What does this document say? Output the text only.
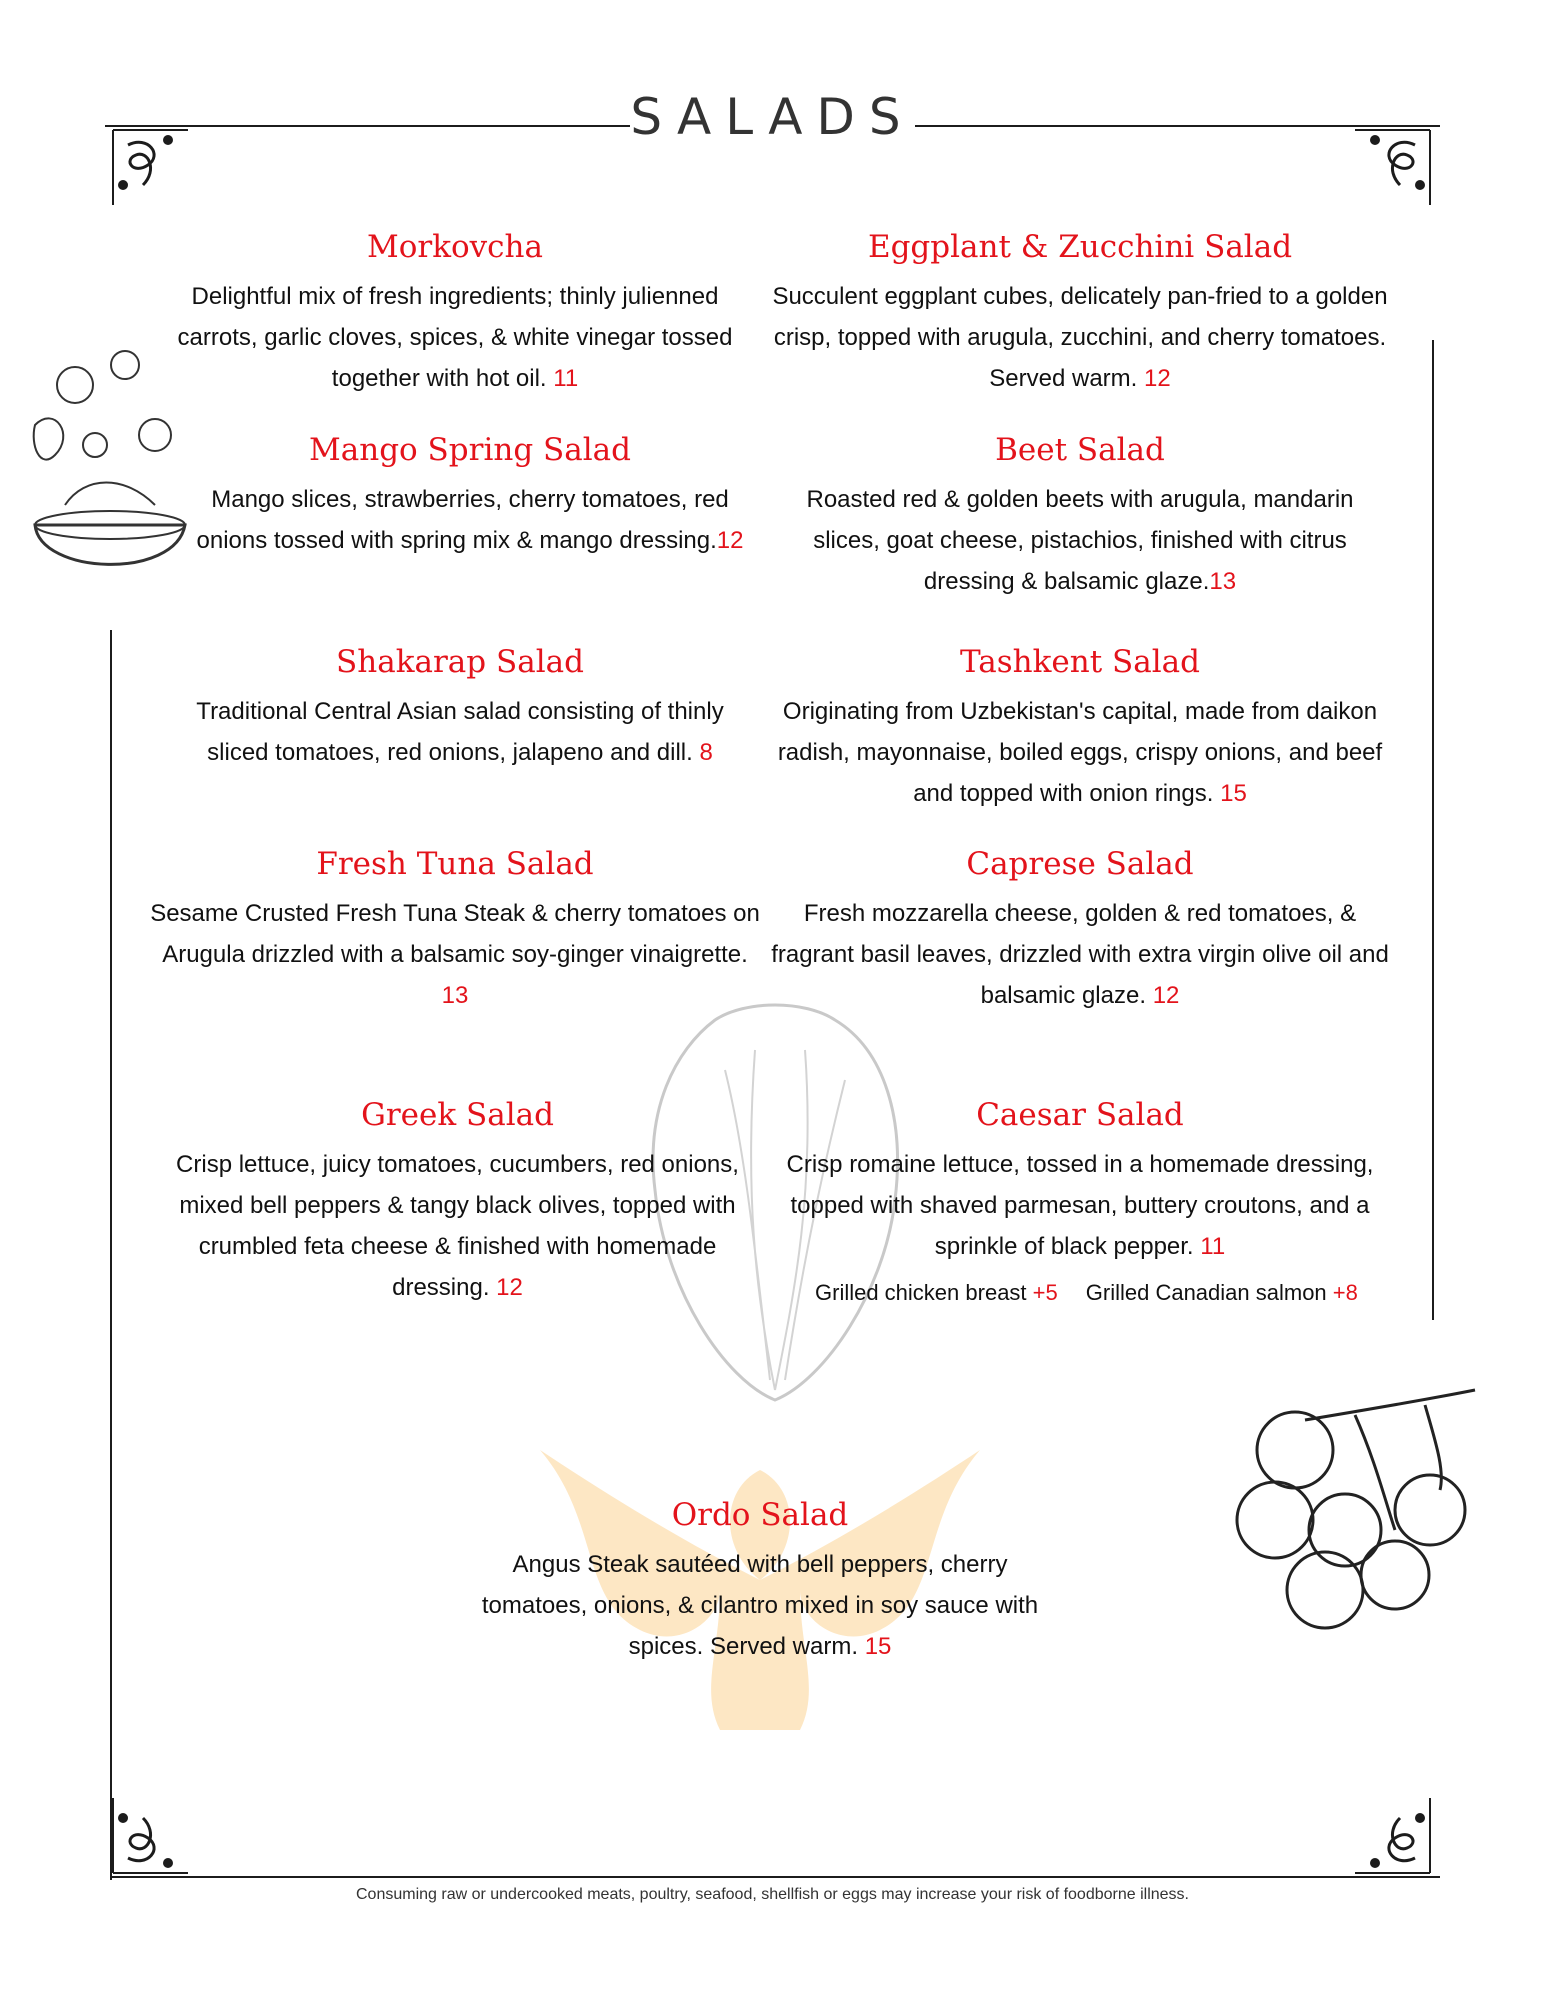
SALADS
Morkovcha

Delightful mix of fresh ingredients; thinly julienned carrots, garlic cloves, spices, & white vinegar tossed together with hot oil. 11

Eggplant & Zucchini Salad

Succulent eggplant cubes, delicately pan-fried to a golden crisp, topped with arugula, zucchini, and cherry tomatoes. Served warm. 12

Mango Spring Salad

Mango slices, strawberries, cherry tomatoes, red onions tossed with spring mix & mango dressing.12

Beet Salad

Roasted red & golden beets with arugula, mandarin slices, goat cheese, pistachios, finished with citrus dressing & balsamic glaze.13

Shakarap Salad

Traditional Central Asian salad consisting of thinly sliced tomatoes, red onions, jalapeno and dill. 8

Tashkent Salad

Originating from Uzbekistan's capital, made from daikon radish, mayonnaise, boiled eggs, crispy onions, and beef and topped with onion rings. 15

Fresh Tuna Salad

Sesame Crusted Fresh Tuna Steak & cherry tomatoes on Arugula drizzled with a balsamic soy-ginger vinaigrette. 13

Caprese Salad

Fresh mozzarella cheese, golden & red tomatoes, & fragrant basil leaves, drizzled with extra virgin olive oil and balsamic glaze. 12

Greek Salad

Crisp lettuce, juicy tomatoes, cucumbers, red onions, mixed bell peppers & tangy black olives, topped with crumbled feta cheese & finished with homemade dressing. 12

Caesar Salad

Crisp romaine lettuce, tossed in a homemade dressing, topped with shaved parmesan, buttery croutons, and a sprinkle of black pepper. 11

Grilled chicken breast +5 Grilled Canadian salmon +8
Ordo Salad

Angus Steak sautéed with bell peppers, cherry tomatoes, onions, & cilantro mixed in soy sauce with spices. Served warm. 15

Consuming raw or undercooked meats, poultry, seafood, shellfish or eggs may increase your risk of foodborne illness.
